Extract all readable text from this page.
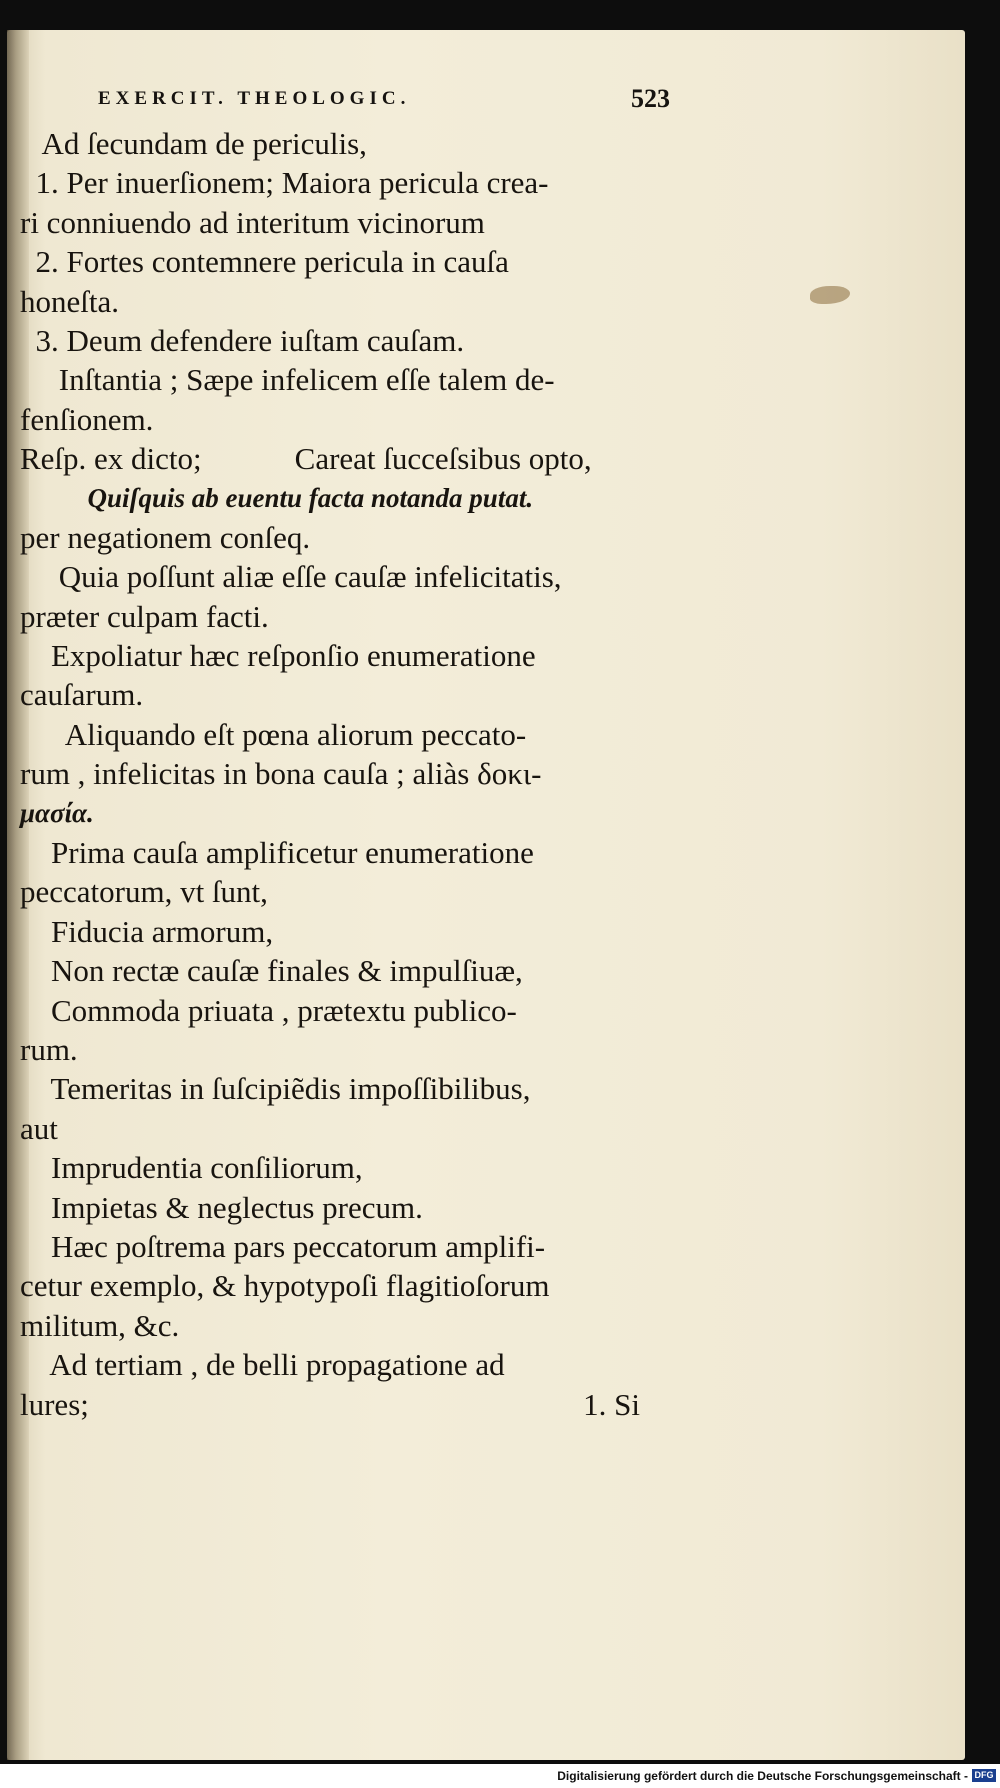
EXERCIT. THEOLOGIC.	523
Ad ſecundam de periculis,
1. Per inuerſionem; Maiora pericula crea-
ri conniuendo ad interitum vicinorum
2. Fortes contemnere pericula in cauſa
honeſta.
3. Deum defendere iuſtam cauſam.
Inſtantia ; Sæpe infelicem eſſe talem de-
fenſionem.
Reſp. ex dicto;            Careat ſucceſsibus opto,
Quiſquis ab euentu facta notanda putat.
per negationem conſeq.
Quia poſſunt aliæ eſſe cauſæ infelicitatis,
præter culpam facti.
Expoliatur hæc reſponſio enumeratione
cauſarum.
Aliquando eſt pœna aliorum peccato-
rum , infelicitas in bona cauſa ; aliàs δοκι-
μασία.
Prima cauſa amplificetur enumeratione
peccatorum, vt ſunt,
Fiducia armorum,
Non rectæ cauſæ finales & impulſiuæ,
Commoda priuata , prætextu publico-
rum.
Temeritas in ſuſcipiẽdis impoſſibilibus,
aut
Imprudentia conſiliorum,
Impietas & neglectus precum.
Hæc poſtrema pars peccatorum amplifi-
cetur exemplo, & hypotypoſi flagitioſorum
militum, &c.
Ad tertiam , de belli propagatione ad
lures;	1. Si
Digitalisierung gefördert durch die Deutsche Forschungsgemeinschaft - DFG
